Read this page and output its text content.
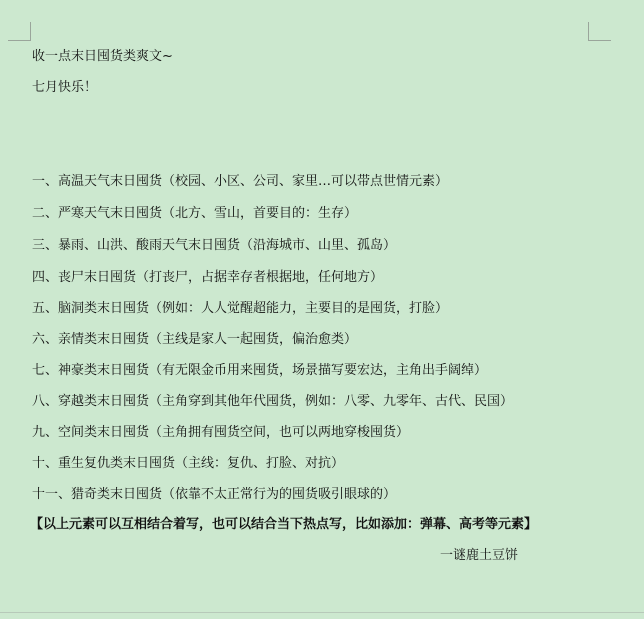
收一点末日囤货类爽文~
七月快乐！
一、高温天气末日囤货（校园、小区、公司、家里…可以带点世情元素）
二、严寒天气末日囤货（北方、雪山，首要目的：生存）
三、暴雨、山洪、酸雨天气末日囤货（沿海城市、山里、孤岛）
四、丧尸末日囤货（打丧尸，占据幸存者根据地，任何地方）
五、脑洞类末日囤货（例如：人人觉醒超能力，主要目的是囤货，打脸）
六、亲情类末日囤货（主线是家人一起囤货，偏治愈类）
七、神豪类末日囤货（有无限金币用来囤货，场景描写要宏达，主角出手阔绰）
八、穿越类末日囤货（主角穿到其他年代囤货，例如：八零、九零年、古代、民国）
九、空间类末日囤货（主角拥有囤货空间，也可以两地穿梭囤货）
十、重生复仇类末日囤货（主线：复仇、打脸、对抗）
十一、猎奇类末日囤货（依靠不太正常行为的囤货吸引眼球的）
【以上元素可以互相结合着写，也可以结合当下热点写，比如添加：弹幕、高考等元素】
一谜鹿土豆饼
